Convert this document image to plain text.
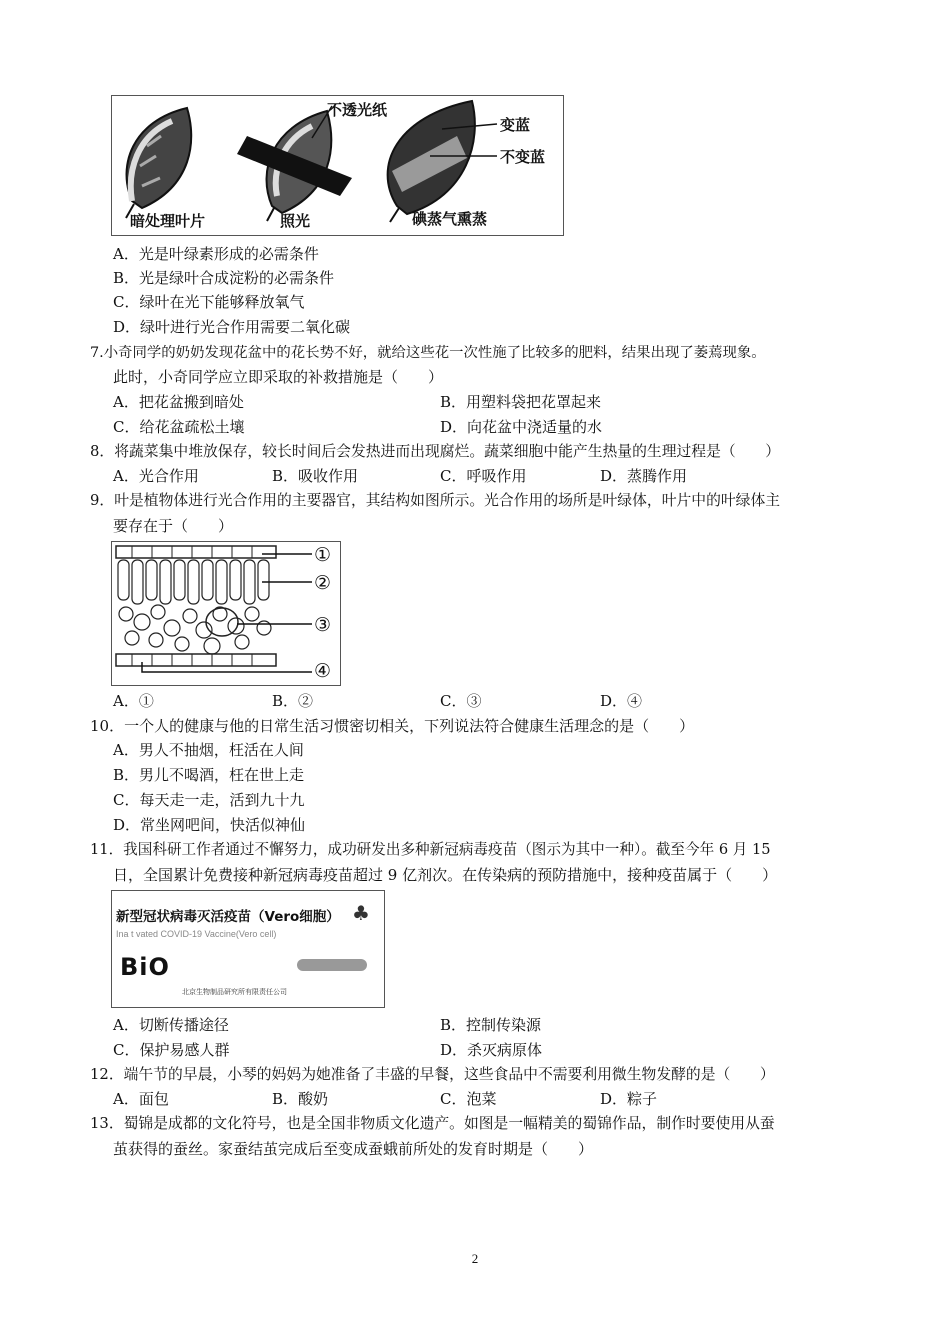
不透光纸
变蓝
不变蓝
暗处理叶片	照光	碘蒸气熏蒸
A．光是叶绿素形成的必需条件
B．光是绿叶合成淀粉的必需条件
C．绿叶在光下能够释放氧气
D．绿叶进行光合作用需要二氧化碳
7.小奇同学的奶奶发现花盆中的花长势不好，就给这些花一次性施了比较多的肥料，结果出现了萎蔫现象。
此时，小奇同学应立即采取的补救措施是（　　）
A．把花盆搬到暗处	B．用塑料袋把花罩起来
C．给花盆疏松土壤	D．向花盆中浇适量的水
8．将蔬菜集中堆放保存，较长时间后会发热进而出现腐烂。蔬菜细胞中能产生热量的生理过程是（　　）
A．光合作用	B．吸收作用	C．呼吸作用	D．蒸腾作用
9．叶是植物体进行光合作用的主要器官，其结构如图所示。光合作用的场所是叶绿体，叶片中的叶绿体主
要存在于（　　）
①
②
③
④
A．①	B．②	C．③	D．④
10．一个人的健康与他的日常生活习惯密切相关，下列说法符合健康生活理念的是（　　）
A．男人不抽烟，枉活在人间
B．男儿不喝酒，枉在世上走
C．每天走一走，活到九十九
D．常坐网吧间，快活似神仙
11．我国科研工作者通过不懈努力，成功研发出多种新冠病毒疫苗（图示为其中一种）。截至今年 6 月 15
日，全国累计免费接种新冠病毒疫苗超过 9 亿剂次。在传染病的预防措施中，接种疫苗属于（　　）
新型冠状病毒灭活疫苗（Vero细胞） ♣
Ina t vated COVID-19 Vaccine(Vero cell)
BiO
北京生物制品研究所有限责任公司
A．切断传播途径	B．控制传染源
C．保护易感人群	D．杀灭病原体
12．端午节的早晨，小琴的妈妈为她准备了丰盛的早餐，这些食品中不需要利用微生物发酵的是（　　）
A．面包	B．酸奶	C．泡菜	D．粽子
13．蜀锦是成都的文化符号，也是全国非物质文化遗产。如图是一幅精美的蜀锦作品，制作时要使用从蚕
茧获得的蚕丝。家蚕结茧完成后至变成蚕蛾前所处的发育时期是（　　）
2
